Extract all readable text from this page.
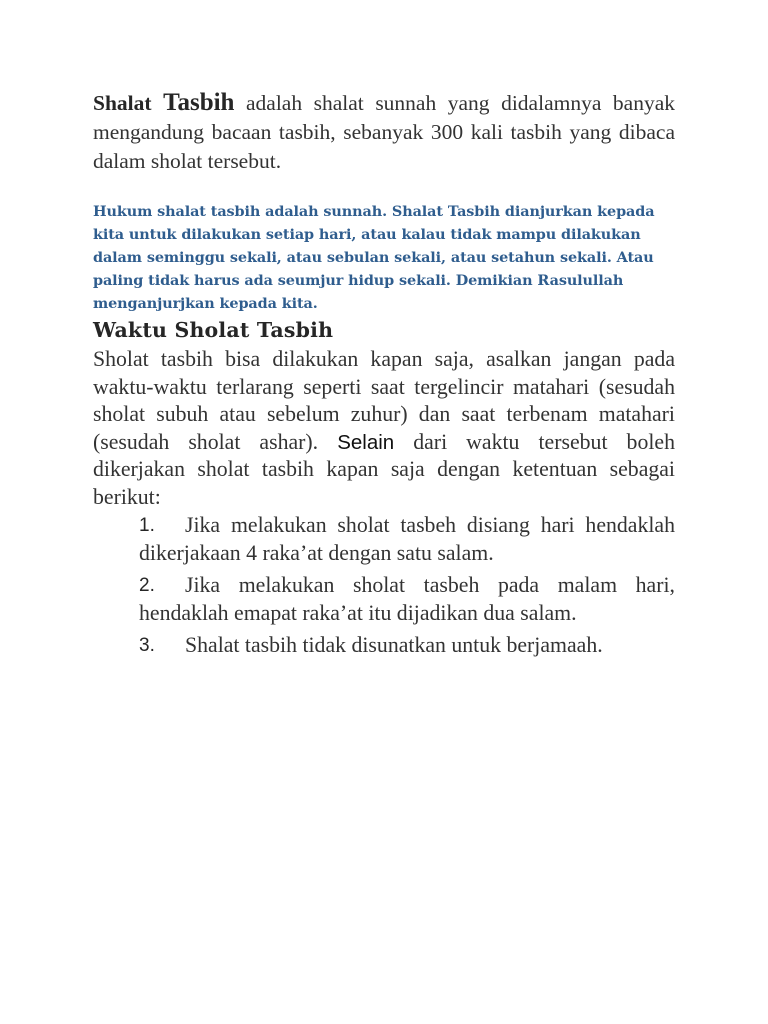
Shalat Tasbih adalah shalat sunnah yang didalamnya banyak mengandung bacaan tasbih, sebanyak 300 kali tasbih yang dibaca dalam sholat tersebut.

Hukum shalat tasbih adalah sunnah. Shalat Tasbih dianjurkan kepada kita untuk dilakukan setiap hari, atau kalau tidak mampu dilakukan dalam seminggu sekali, atau sebulan sekali, atau setahun sekali. Atau paling tidak harus ada seumjur hidup sekali. Demikian Rasulullah menganjurjkan kepada kita.

Waktu Sholat Tasbih

Sholat tasbih bisa dilakukan kapan saja, asalkan jangan pada waktu-waktu terlarang seperti saat tergelincir matahari (sesudah sholat subuh atau sebelum zuhur) dan saat terbenam matahari (sesudah sholat ashar). Selain dari waktu tersebut boleh dikerjakan sholat tasbih kapan saja dengan ketentuan sebagai berikut:

1.	Jika melakukan sholat tasbeh disiang hari hendaklah dikerjakaan 4 raka’at dengan satu salam.
2.	Jika melakukan sholat tasbeh pada malam hari, hendaklah emapat raka’at itu dijadikan dua salam.
3.	Shalat tasbih tidak disunatkan untuk berjamaah.
